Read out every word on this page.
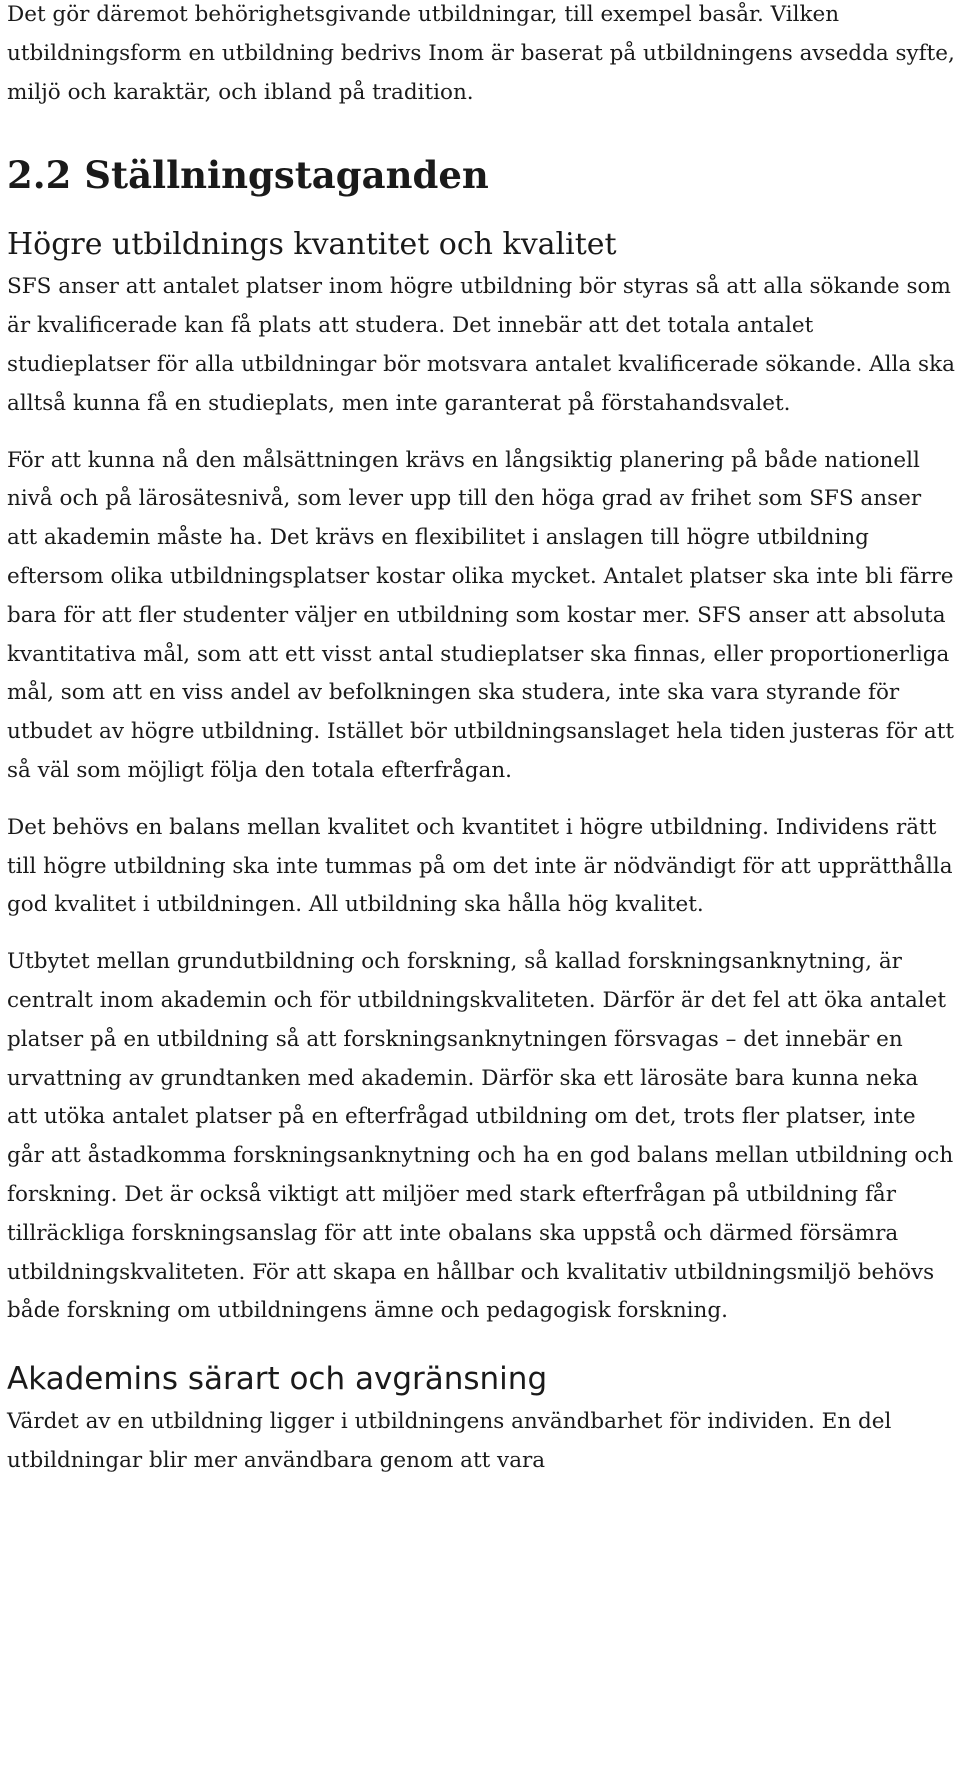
Det gör däremot behörighetsgivande utbildningar, till exempel basår. Vilken utbildningsform en utbildning bedrivs Inom är baserat på utbildningens avsedda syfte, miljö och karaktär, och ibland på tradition.

2.2 Ställningstaganden
Högre utbildnings kvantitet och kvalitet

SFS anser att antalet platser inom högre utbildning bör styras så att alla sökande som är kvalificerade kan få plats att studera. Det innebär att det totala antalet studieplatser för alla utbildningar bör motsvara antalet kvalificerade sökande. Alla ska alltså kunna få en studieplats, men inte garanterat på förstahandsvalet.

För att kunna nå den målsättningen krävs en långsiktig planering på både nationell nivå och på lärosätesnivå, som lever upp till den höga grad av frihet som SFS anser att akademin måste ha. Det krävs en flexibilitet i anslagen till högre utbildning eftersom olika utbildningsplatser kostar olika mycket. Antalet platser ska inte bli färre bara för att fler studenter väljer en utbildning som kostar mer. SFS anser att absoluta kvantitativa mål, som att ett visst antal studieplatser ska finnas, eller proportionerliga mål, som att en viss andel av befolkningen ska studera, inte ska vara styrande för utbudet av högre utbildning. Istället bör utbildningsanslaget hela tiden justeras för att så väl som möjligt följa den totala efterfrågan.

Det behövs en balans mellan kvalitet och kvantitet i högre utbildning. Individens rätt till högre utbildning ska inte tummas på om det inte är nödvändigt för att upprätthålla god kvalitet i utbildningen. All utbildning ska hålla hög kvalitet.

Utbytet mellan grundutbildning och forskning, så kallad forskningsanknytning, är centralt inom akademin och för utbildningskvaliteten. Därför är det fel att öka antalet platser på en utbildning så att forskningsanknytningen försvagas – det innebär en urvattning av grundtanken med akademin. Därför ska ett lärosäte bara kunna neka att utöka antalet platser på en efterfrågad utbildning om det, trots fler platser, inte går att åstadkomma forskningsanknytning och ha en god balans mellan utbildning och forskning. Det är också viktigt att miljöer med stark efterfrågan på utbildning får tillräckliga forskningsanslag för att inte obalans ska uppstå och därmed försämra utbildningskvaliteten. För att skapa en hållbar och kvalitativ utbildningsmiljö behövs både forskning om utbildningens ämne och pedagogisk forskning.

Akademins särart och avgränsning

Värdet av en utbildning ligger i utbildningens användbarhet för individen. En del utbildningar blir mer användbara genom att vara
